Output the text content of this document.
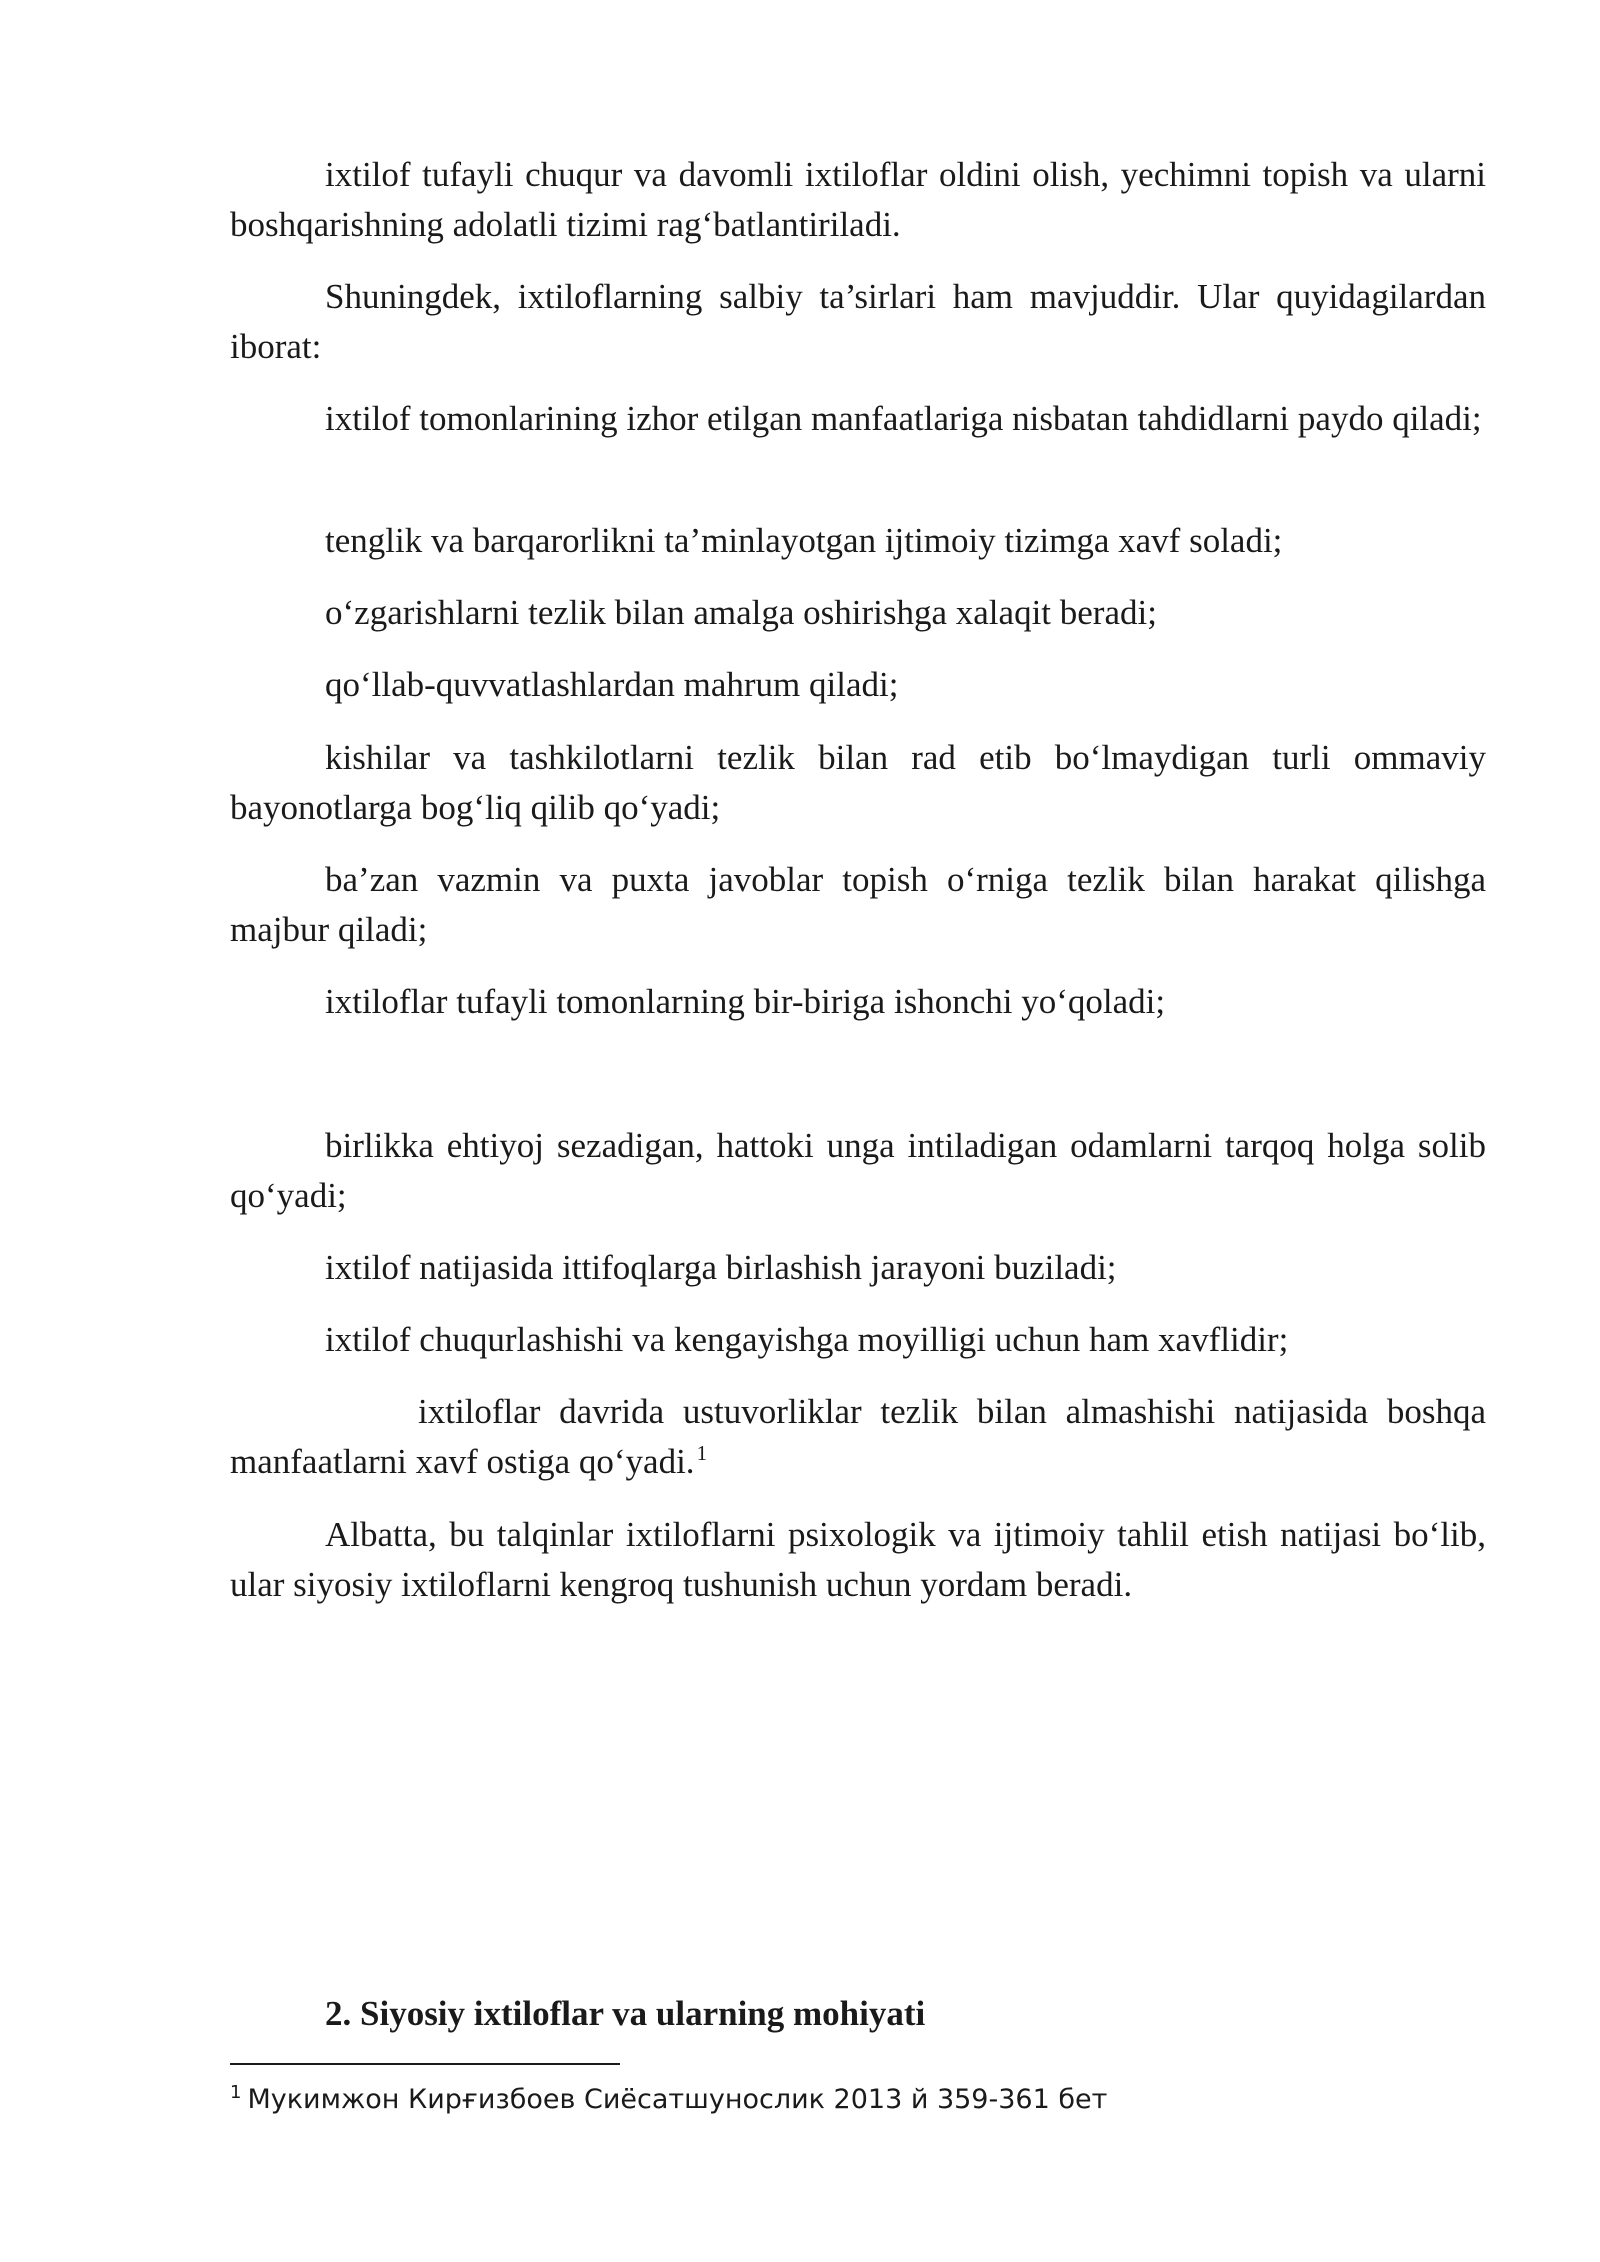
ixtilof tufayli chuqur va davomli ixtiloflar oldini olish, yechimni topish va ularni boshqarishning adolatli tizimi rag‘batlantiriladi.

Shuningdek, ixtiloflarning salbiy ta’sirlari ham mavjuddir. Ular quyidagilardan iborat:

ixtilof tomonlarining izhor etilgan manfaatlariga nisbatan tahdidlarni paydo qiladi;

tenglik va barqarorlikni ta’minlayotgan ijtimoiy tizimga xavf soladi;

o‘zgarishlarni tezlik bilan amalga oshirishga xalaqit beradi;

qo‘llab-quvvatlashlardan mahrum qiladi;

kishilar va tashkilotlarni tezlik bilan rad etib bo‘lmaydigan turli ommaviy bayonotlarga bog‘liq qilib qo‘yadi;

ba’zan vazmin va puxta javoblar topish o‘rniga tezlik bilan harakat qilishga majbur qiladi;

ixtiloflar tufayli tomonlarning bir-biriga ishonchi yo‘qoladi;

birlikka ehtiyoj sezadigan, hattoki unga intiladigan odamlarni tarqoq holga solib qo‘yadi;

ixtilof natijasida ittifoqlarga birlashish jarayoni buziladi;

ixtilof chuqurlashishi va kengayishga moyilligi uchun ham xavflidir;

ixtiloflar davrida ustuvorliklar tezlik bilan almashishi natijasida boshqa manfaatlarni xavf ostiga qo‘yadi.$^1$

Albatta, bu talqinlar ixtiloflarni psixologik va ijtimoiy tahlil etish natijasi bo‘lib, ular siyosiy ixtiloflarni kengroq tushunish uchun yordam beradi.

2. Siyosiy ixtiloflar va ularning mohiyati

$^1$ Мукимжон Кирғизбоев Сиёсатшунослик 2013 й 359-361 бет
